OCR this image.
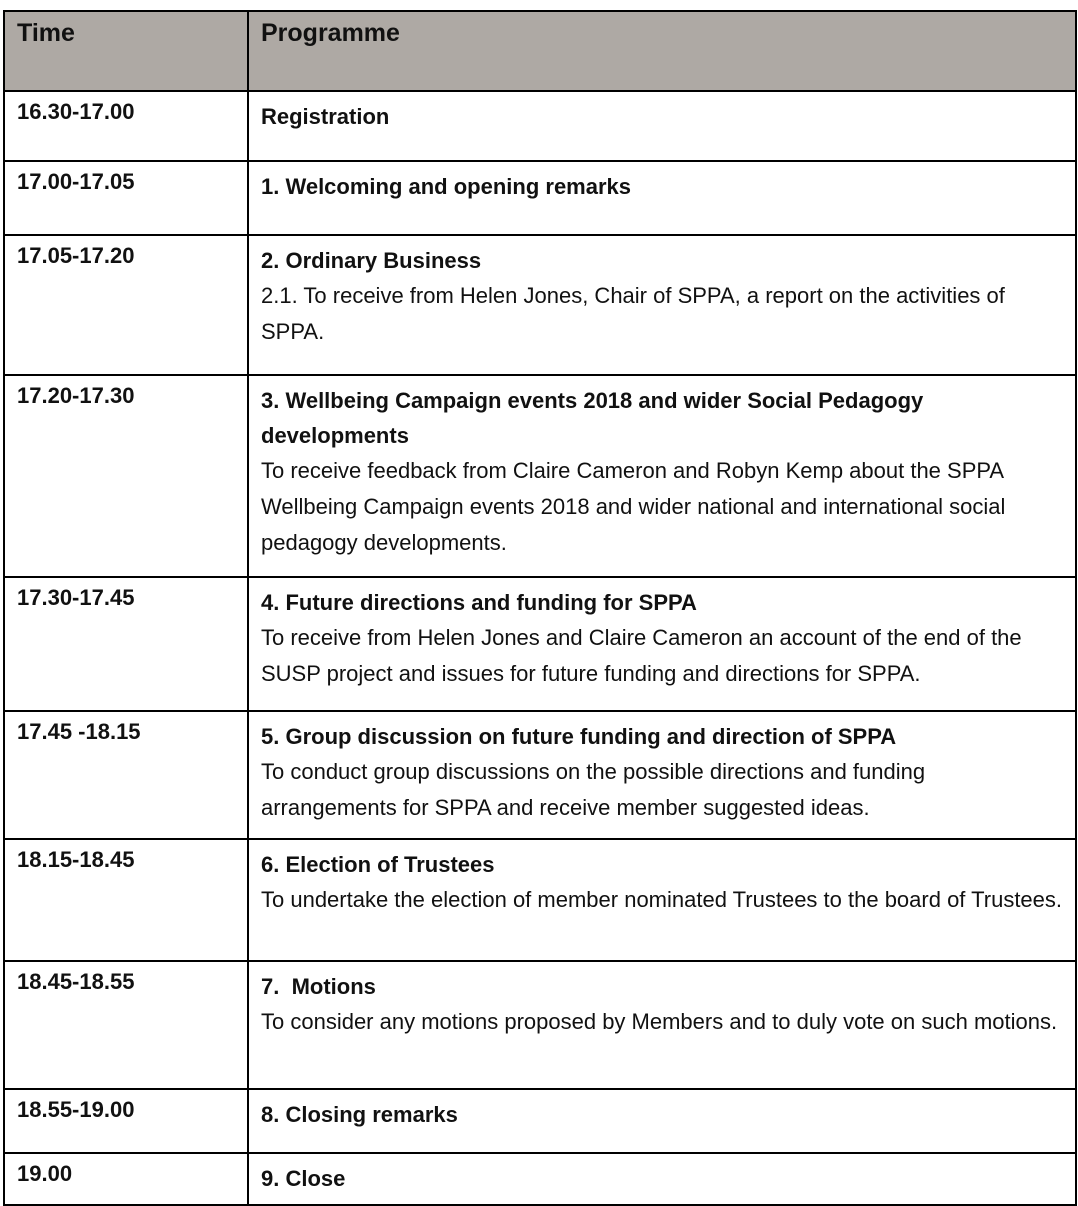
Time	Programme
16.30-17.00	Registration

17.00-17.05	1. Welcoming and opening remarks

17.05-17.20	2. Ordinary Business

2.1. To receive from Helen Jones, Chair of SPPA, a report on the activities of SPPA.

17.20-17.30	3. Wellbeing Campaign events 2018 and wider Social Pedagogy developments

To receive feedback from Claire Cameron and Robyn Kemp about the SPPA Wellbeing Campaign events 2018 and wider national and international social pedagogy developments.

17.30-17.45	4. Future directions and funding for SPPA

To receive from Helen Jones and Claire Cameron an account of the end of the SUSP project and issues for future funding and directions for SPPA.

17.45 -18.15	5. Group discussion on future funding and direction of SPPA

To conduct group discussions on the possible directions and funding arrangements for SPPA and receive member suggested ideas.

18.15-18.45	6. Election of Trustees

To undertake the election of member nominated Trustees to the board of Trustees.

18.45-18.55	7.  Motions

To consider any motions proposed by Members and to duly vote on such motions.

18.55-19.00	8. Closing remarks

19.00	9. Close
